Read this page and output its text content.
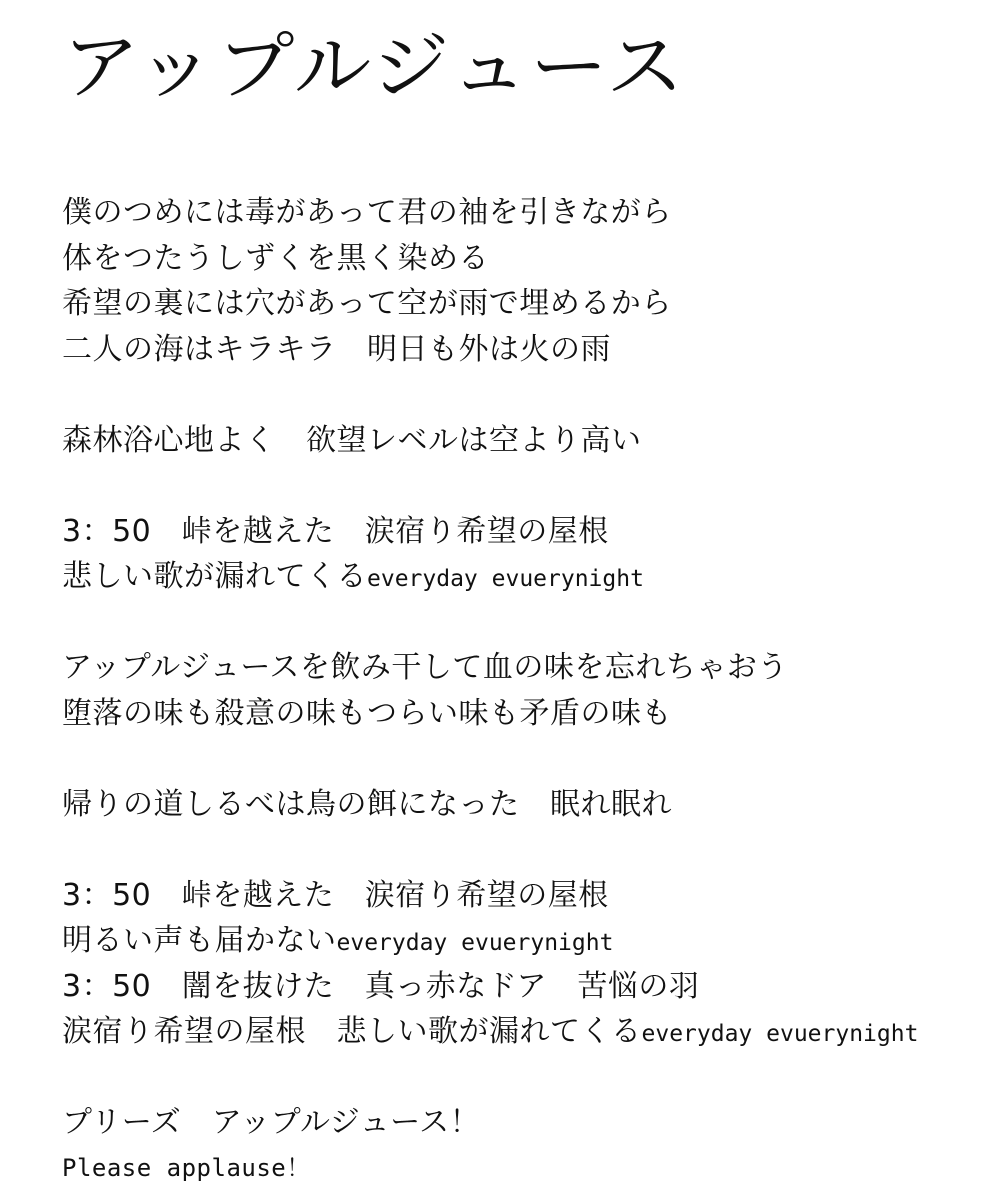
アップルジュース
僕のつめには毒があって君の袖を引きながら
体をつたうしずくを黒く染める
希望の裏には穴があって空が雨で埋めるから
二人の海はキラキラ　明日も外は火の雨
森林浴心地よく　欲望レベルは空より高い
3：50　峠を越えた　涙宿り希望の屋根
悲しい歌が漏れてくるeveryday evuerynight
アップルジュースを飲み干して血の味を忘れちゃおう
堕落の味も殺意の味もつらい味も矛盾の味も
帰りの道しるべは鳥の餌になった　眠れ眠れ
3：50　峠を越えた　涙宿り希望の屋根
明るい声も届かないeveryday evuerynight
3：50　闇を抜けた　真っ赤なドア　苦悩の羽
涙宿り希望の屋根　悲しい歌が漏れてくるeveryday evuerynight
プリーズ　アップルジュース！
Please applause！
